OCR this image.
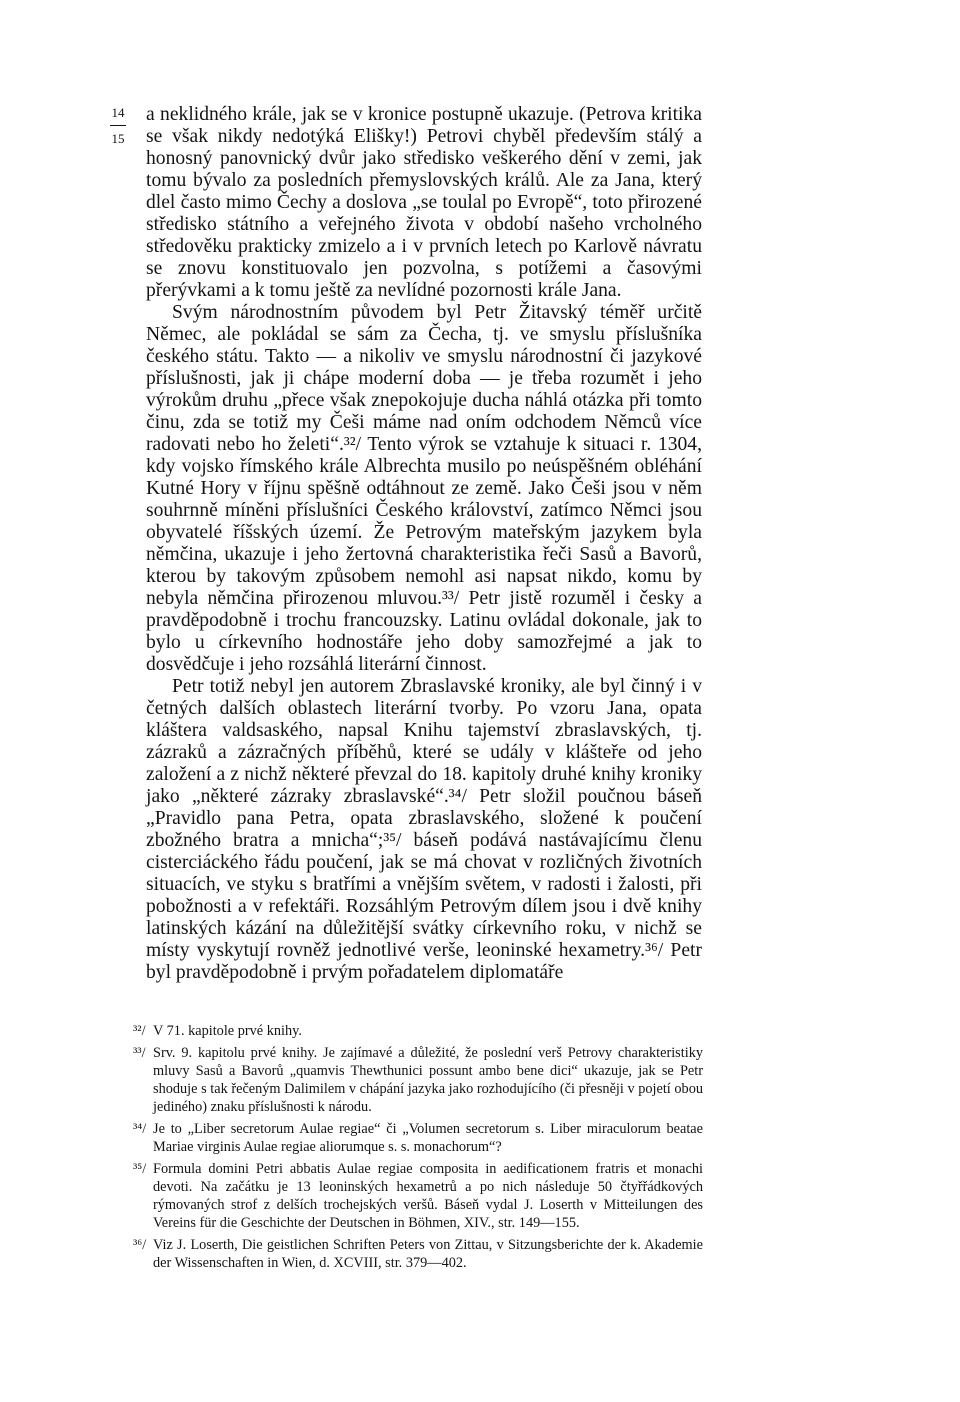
14
15

a neklidného krále, jak se v kronice postupně ukazuje. (Petrova kritika se však nikdy nedotýká Elišky!) Petrovi chyběl především stálý a honosný panovnický dvůr jako středisko veškerého dění v zemi, jak tomu bývalo za posledních přemyslovských králů. Ale za Jana, který dlel často mimo Čechy a doslova „se toulal po Evropě“, toto přirozené středisko státního a veřejného života v období našeho vrcholného středověku prakticky zmizelo a i v prvních letech po Karlově návratu se znovu konstituovalo jen pozvolna, s potížemi a časovými přerývkami a k tomu ještě za nevlídné pozornosti krále Jana.

Svým národnostním původem byl Petr Žitavský téměř určitě Němec, ale pokládal se sám za Čecha, tj. ve smyslu příslušníka českého státu. Takto — a nikoliv ve smyslu národnostní či jazykové příslušnosti, jak ji chápe moderní doba — je třeba rozumět i jeho výrokům druhu „přece však znepokojuje ducha náhlá otázka při tomto činu, zda se totiž my Češi máme nad oním odchodem Němců více radovati nebo ho želeti“.³²/ Tento výrok se vztahuje k situaci r. 1304, kdy vojsko římského krále Albrechta musilo po neúspěšném obléhání Kutné Hory v říjnu spěšně odtáhnout ze země. Jako Češi jsou v něm souhrnně míněni příslušníci Českého království, zatímco Němci jsou obyvatelé říšských území. Že Petrovým mateřským jazykem byla němčina, ukazuje i jeho žertovná charakteristika řeči Sasů a Bavorů, kterou by takovým způsobem nemohl asi napsat nikdo, komu by nebyla němčina přirozenou mluvou.³³/ Petr jistě rozuměl i česky a pravděpodobně i trochu francouzsky. Latinu ovládal dokonale, jak to bylo u církevního hodnostáře jeho doby samozřejmé a jak to dosvědčuje i jeho rozsáhlá literární činnost.

Petr totiž nebyl jen autorem Zbraslavské kroniky, ale byl činný i v četných dalších oblastech literární tvorby. Po vzoru Jana, opata kláštera valdsaského, napsal Knihu tajemství zbraslavských, tj. zázraků a zázračných příběhů, které se udály v klášteře od jeho založení a z nichž některé převzal do 18. kapitoly druhé knihy kroniky jako „některé zázraky zbraslavské“.³⁴/ Petr složil poučnou báseň „Pravidlo pana Petra, opata zbraslavského, složené k poučení zbožného bratra a mnicha“;³⁵/ báseň podává nastávajícímu členu cisterciáckého řádu poučení, jak se má chovat v rozličných životních situacích, ve styku s bratřími a vnějším světem, v radosti i žalosti, při pobožnosti a v refektáři. Rozsáhlým Petrovým dílem jsou i dvě knihy latinských kázání na důležitější svátky církevního roku, v nichž se místy vyskytují rovněž jednotlivé verše, leoninské hexametry.³⁶/ Petr byl pravděpodobně i prvým pořadatelem diplomatáře

³²/ V 71. kapitole prvé knihy.
³³/ Srv. 9. kapitolu prvé knihy. Je zajímavé a důležité, že poslední verš Petrovy charakteristiky mluvy Sasů a Bavorů „quamvis Thewthunici possunt ambo bene dici“ ukazuje, jak se Petr shoduje s tak řečeným Dalimilem v chápání jazyka jako rozhodujícího (či přesněji v pojetí obou jediného) znaku příslušnosti k národu.
³⁴/ Je to „Liber secretorum Aulae regiae“ či „Volumen secretorum s. Liber miraculorum beatae Mariae virginis Aulae regiae aliorumque s. s. monachorum“?
³⁵/ Formula domini Petri abbatis Aulae regiae composita in aedificationem fratris et monachi devoti. Na začátku je 13 leoninských hexametrů a po nich následuje 50 čtyřřádkových rýmovaných strof z delších trochejských veršů. Báseň vydal J. Loserth v Mitteilungen des Vereins für die Geschichte der Deutschen in Böhmen, XIV., str. 149—155.
³⁶/ Viz J. Loserth, Die geistlichen Schriften Peters von Zittau, v Sitzungsberichte der k. Akademie der Wissenschaften in Wien, d. XCVIII, str. 379—402.
